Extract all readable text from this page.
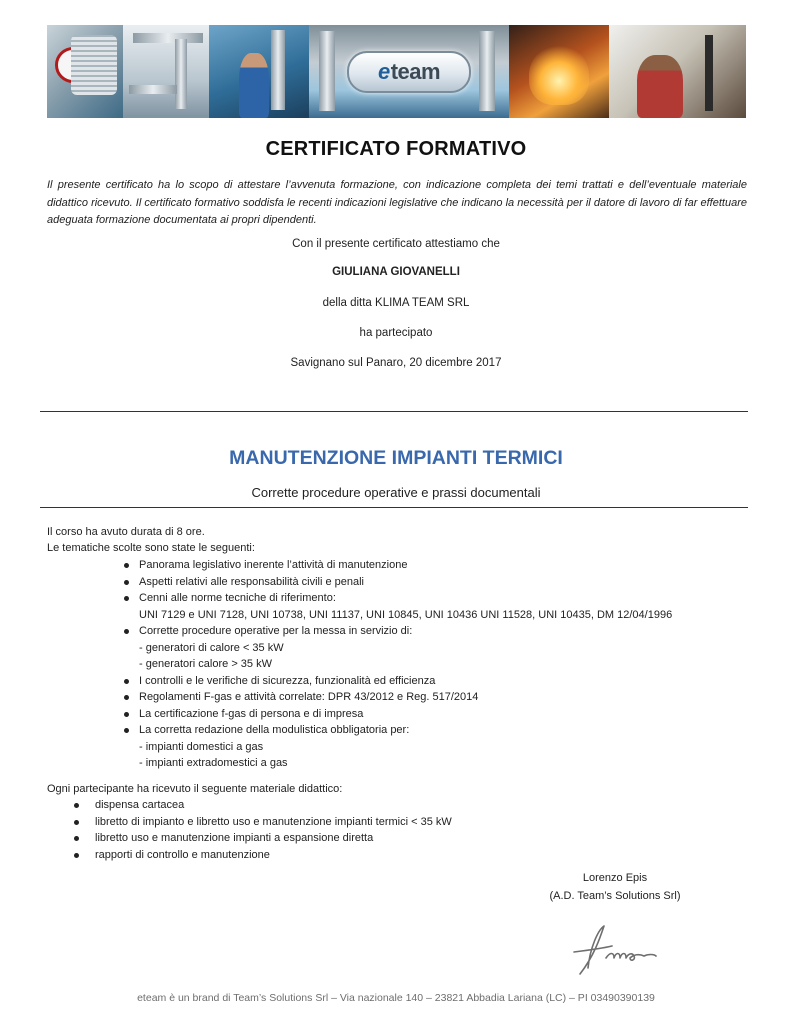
e team
CERTIFICATO FORMATIVO

Il presente certificato ha lo scopo di attestare l’avvenuta formazione, con indicazione completa dei temi trattati e dell’eventuale materiale didattico ricevuto. Il certificato formativo soddisfa le recenti indicazioni legislative che indicano la necessità per il datore di lavoro di far effettuare adeguata formazione documentata ai propri dipendenti.

Con il presente certificato attestiamo che
GIULIANA GIOVANELLI
della ditta KLIMA TEAM SRL
ha partecipato
Savignano sul Panaro, 20 dicembre 2017
MANUTENZIONE IMPIANTI TERMICI
Corrette procedure operative e prassi documentali
Il corso ha avuto durata di 8 ore.
Le tematiche scolte sono state le seguenti:
Panorama legislativo inerente l’attività di manutenzione
Aspetti relativi alle responsabilità civili e penali
Cenni alle norme tecniche di riferimento:
UNI 7129 e UNI 7128, UNI 10738, UNI 11137, UNI 10845, UNI 10436 UNI 11528, UNI 10435, DM 12/04/1996
Corrette procedure operative per la messa in servizio di:
- generatori di calore < 35 kW
- generatori calore > 35 kW
I controlli e le verifiche di sicurezza, funzionalità ed efficienza
Regolamenti F-gas e attività correlate: DPR 43/2012 e Reg. 517/2014
La certificazione f-gas di persona e di impresa
La corretta redazione della modulistica obbligatoria per:
- impianti domestici a gas
- impianti extradomestici a gas
Ogni partecipante ha ricevuto il seguente materiale didattico:
dispensa cartacea
libretto di impianto e libretto uso e manutenzione impianti termici < 35 kW
libretto uso e manutenzione impianti a espansione diretta
rapporti di controllo e manutenzione
Lorenzo Epis
(A.D. Team’s Solutions Srl)
eteam è un brand di Team’s Solutions Srl – Via nazionale 140 – 23821 Abbadia Lariana (LC) – PI 03490390139
